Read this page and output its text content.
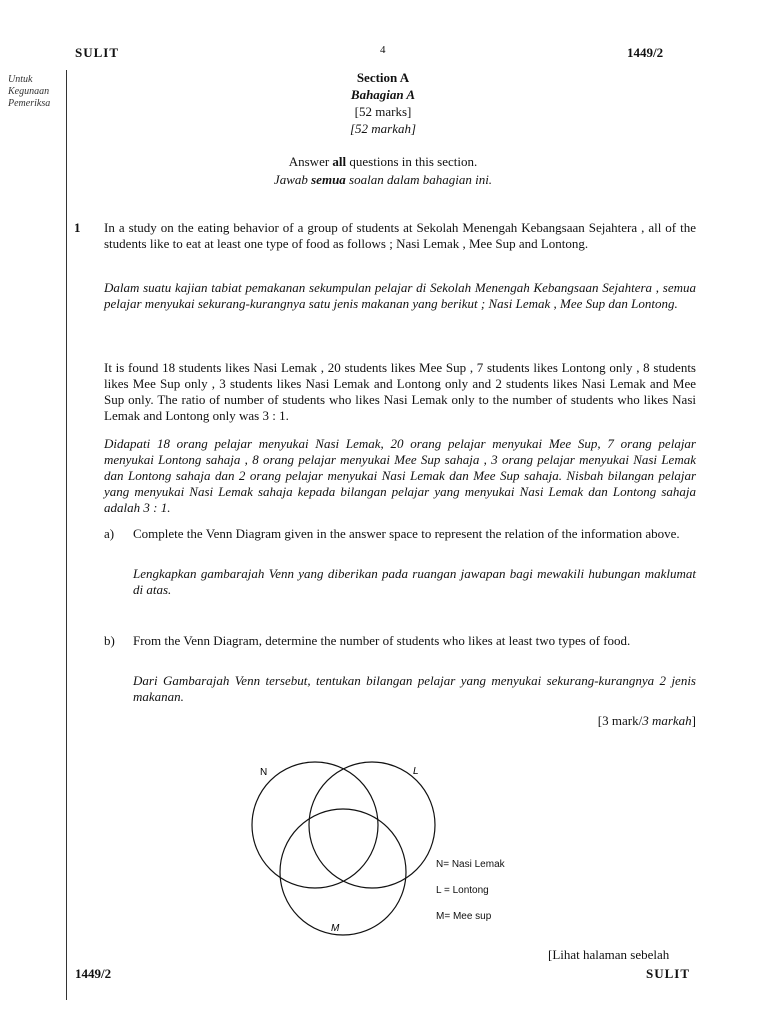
SULIT	4	1449/2
Untuk
Kegunaan
Pemeriksa
Section A
Bahagian A
[52 marks]
[52 markah]
Answer all questions in this section.
Jawab semua soalan dalam bahagian ini.
1 In a study on the eating behavior of a group of students at Sekolah Menengah Kebangsaan Sejahtera , all of the students like to eat at least one type of food as follows ; Nasi Lemak , Mee Sup and Lontong.
Dalam suatu kajian tabiat pemakanan sekumpulan pelajar di Sekolah Menengah Kebangsaan Sejahtera , semua pelajar menyukai sekurang-kurangnya satu jenis makanan yang berikut ; Nasi Lemak , Mee Sup dan Lontong.
It is found 18 students likes Nasi Lemak , 20 students likes Mee Sup , 7 students likes Lontong only , 8 students likes Mee Sup only , 3 students likes Nasi Lemak and Lontong only and 2 students likes Nasi Lemak and Mee Sup only. The ratio of number of students who likes Nasi Lemak only to the number of students who likes Nasi Lemak and Lontong only was 3 : 1.
Didapati 18 orang pelajar menyukai Nasi Lemak, 20 orang pelajar menyukai Mee Sup, 7 orang pelajar menyukai Lontong sahaja , 8 orang pelajar menyukai Mee Sup sahaja , 3 orang pelajar menyukai Nasi Lemak dan Lontong sahaja dan 2 orang pelajar menyukai Nasi Lemak dan Mee Sup sahaja. Nisbah bilangan pelajar yang menyukai Nasi Lemak sahaja kepada bilangan pelajar yang menyukai Nasi Lemak dan Lontong sahaja adalah 3 : 1.
a) Complete the Venn Diagram given in the answer space to represent the relation of the information above.
Lengkapkan gambarajah Venn yang diberikan pada ruangan jawapan bagi mewakili hubungan maklumat di atas.
b) From the Venn Diagram, determine the number of students who likes at least two types of food.
Dari Gambarajah Venn tersebut, tentukan bilangan pelajar yang menyukai sekurang-kurangnya 2 jenis makanan.
[3 mark/3 markah]
N	L
M
N= Nasi Lemak
L = Lontong
M= Mee sup
[Lihat halaman sebelah
1449/2	SULIT
